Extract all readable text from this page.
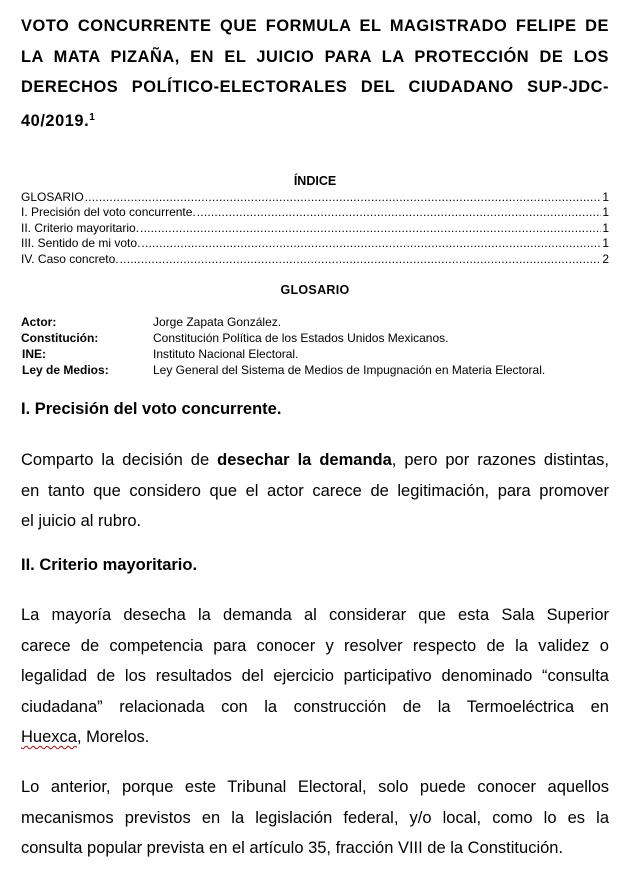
VOTO CONCURRENTE QUE FORMULA EL MAGISTRADO FELIPE DE
LA MATA PIZAÑA, EN EL JUICIO PARA LA PROTECCIÓN DE LOS
DERECHOS POLÍTICO-ELECTORALES DEL CIUDADANO SUP-JDC-
40/2019.$^1$
ÍNDICE
GLOSARIO .....	1
I. Precisión del voto concurrente. .....	1
II. Criterio mayoritario. .....	1
III. Sentido de mi voto. .....	1
IV. Caso concreto. .....	2
GLOSARIO
Actor:	Jorge Zapata González.
Constitución:	Constitución Política de los Estados Unidos Mexicanos.
INE:	Instituto Nacional Electoral.
Ley de Medios:	Ley General del Sistema de Medios de Impugnación en Materia Electoral.
I. Precisión del voto concurrente.

Comparto la decisión de desechar la demanda, pero por razones distintas,
en tanto que considero que el actor carece de legitimación, para promover
el juicio al rubro.

II. Criterio mayoritario.

La mayoría desecha la demanda al considerar que esta Sala Superior
carece de competencia para conocer y resolver respecto de la validez o
legalidad de los resultados del ejercicio participativo denominado “consulta
ciudadana” relacionada con la construcción de la Termoeléctrica en
Huexca, Morelos.

Lo anterior, porque este Tribunal Electoral, solo puede conocer aquellos
mecanismos previstos en la legislación federal, y/o local, como lo es la
consulta popular prevista en el artículo 35, fracción VIII de la Constitución.
